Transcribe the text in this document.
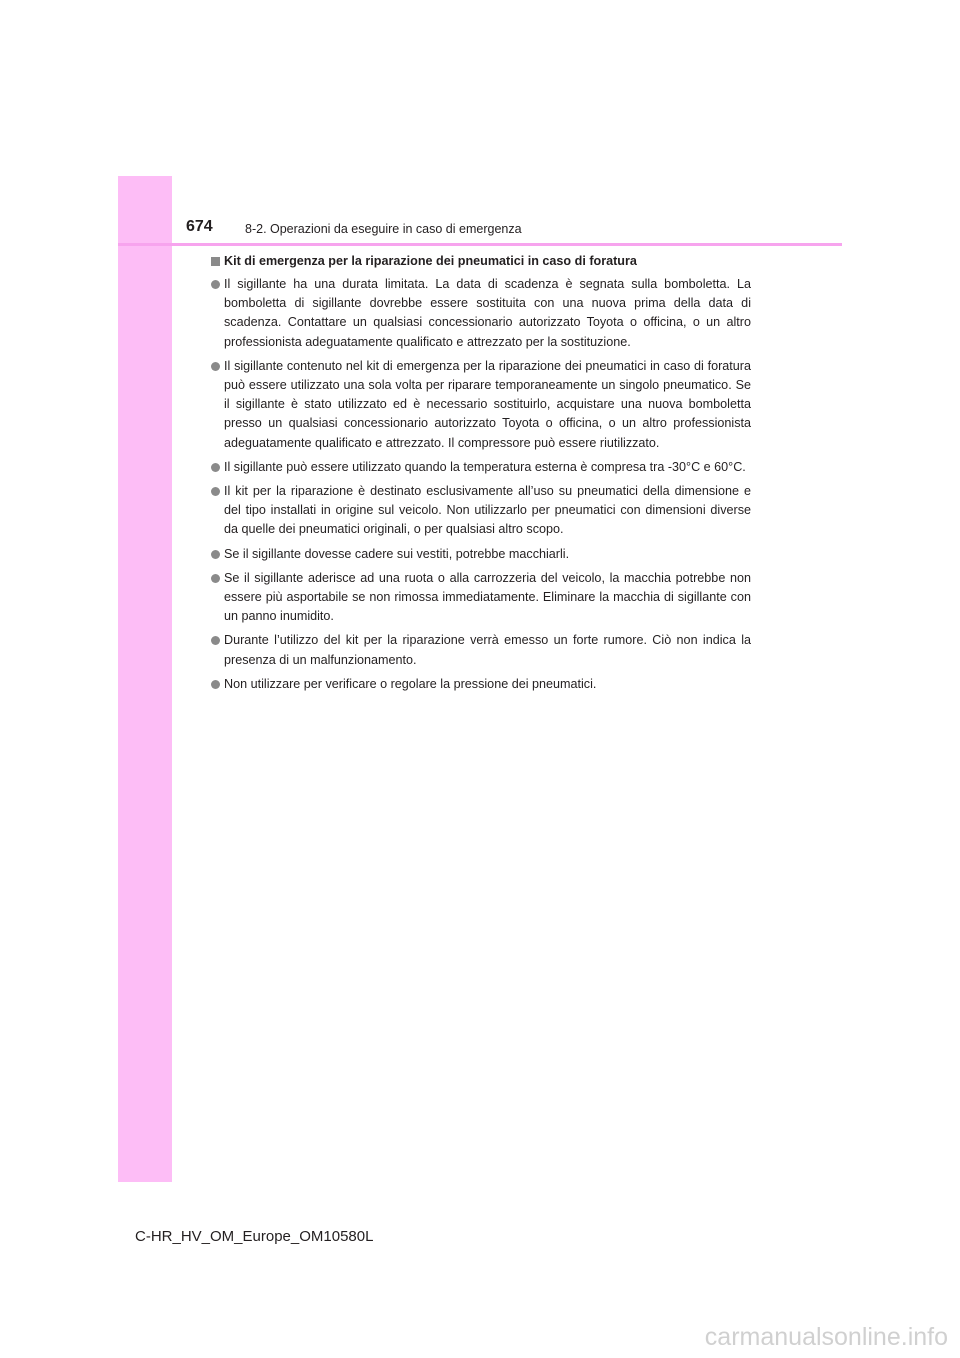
674	8-2. Operazioni da eseguire in caso di emergenza
Kit di emergenza per la riparazione dei pneumatici in caso di foratura
Il sigillante ha una durata limitata. La data di scadenza è segnata sulla bomboletta. La bomboletta di sigillante dovrebbe essere sostituita con una nuova prima della data di scadenza. Contattare un qualsiasi concessionario autorizzato Toyota o officina, o un altro professionista adeguatamente qualificato e attrezzato per la sostituzione.
Il sigillante contenuto nel kit di emergenza per la riparazione dei pneumatici in caso di foratura può essere utilizzato una sola volta per riparare temporaneamente un singolo pneumatico. Se il sigillante è stato utilizzato ed è necessario sostituirlo, acquistare una nuova bomboletta presso un qualsiasi concessionario autorizzato Toyota o officina, o un altro professionista adeguatamente qualificato e attrezzato. Il compressore può essere riutilizzato.
Il sigillante può essere utilizzato quando la temperatura esterna è compresa tra -30°C e 60°C.
Il kit per la riparazione è destinato esclusivamente all’uso su pneumatici della dimensione e del tipo installati in origine sul veicolo. Non utilizzarlo per pneumatici con dimensioni diverse da quelle dei pneumatici originali, o per qualsiasi altro scopo.
Se il sigillante dovesse cadere sui vestiti, potrebbe macchiarli.
Se il sigillante aderisce ad una ruota o alla carrozzeria del veicolo, la macchia potrebbe non essere più asportabile se non rimossa immediatamente. Eliminare la macchia di sigillante con un panno inumidito.
Durante l’utilizzo del kit per la riparazione verrà emesso un forte rumore. Ciò non indica la presenza di un malfunzionamento.
Non utilizzare per verificare o regolare la pressione dei pneumatici.
C-HR_HV_OM_Europe_OM10580L
carmanualsonline.info
